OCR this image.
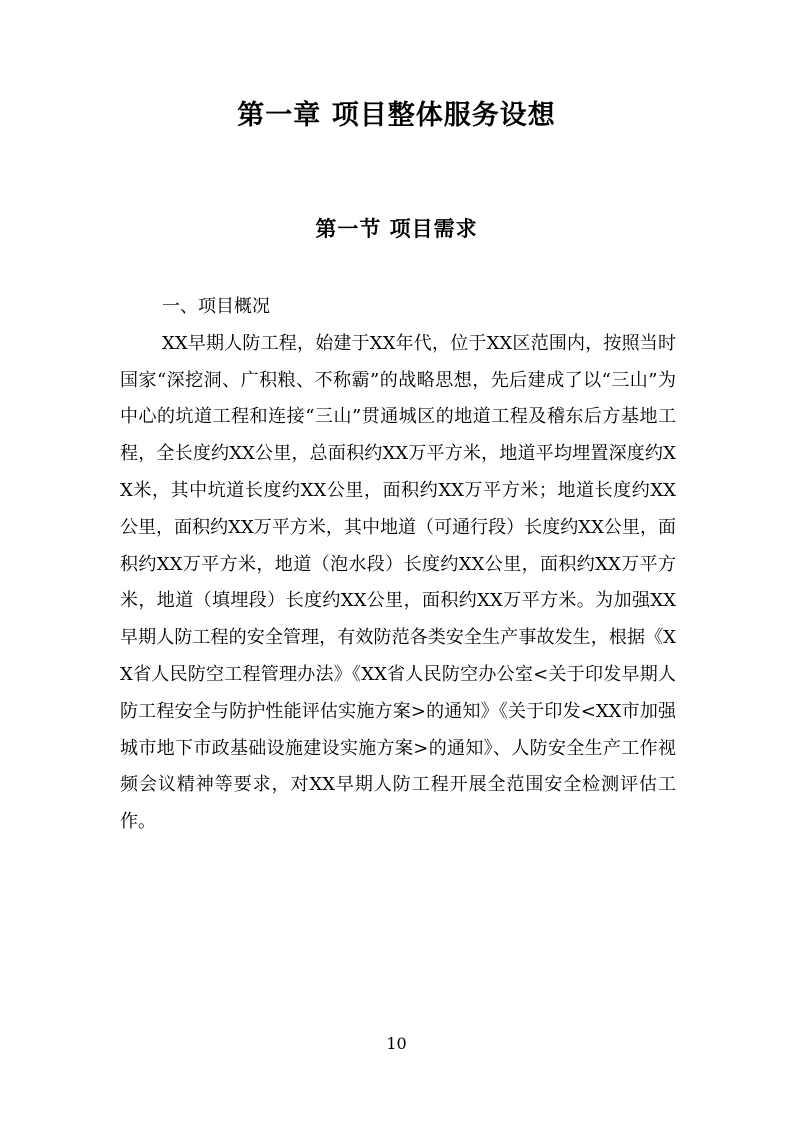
第一章 项目整体服务设想
第一节 项目需求

一、项目概况

XX早期人防工程，始建于XX年代，位于XX区范围内，按照当时国家“深挖洞、广积粮、不称霸”的战略思想，先后建成了以“三山”为中心的坑道工程和连接“三山”贯通城区的地道工程及稽东后方基地工程，全长度约XX公里，总面积约XX万平方米，地道平均埋置深度约XX米，其中坑道长度约XX公里，面积约XX万平方米；地道长度约XX公里，面积约XX万平方米，其中地道（可通行段）长度约XX公里，面积约XX万平方米，地道（泡水段）长度约XX公里，面积约XX万平方米，地道（填埋段）长度约XX公里，面积约XX万平方米。为加强XX早期人防工程的安全管理，有效防范各类安全生产事故发生，根据《XX省人民防空工程管理办法》《XX省人民防空办公室<关于印发早期人防工程安全与防护性能评估实施方案>的通知》《关于印发<XX市加强城市地下市政基础设施建设实施方案>的通知》、人防安全生产工作视频会议精神等要求，对XX早期人防工程开展全范围安全检测评估工作。

10
